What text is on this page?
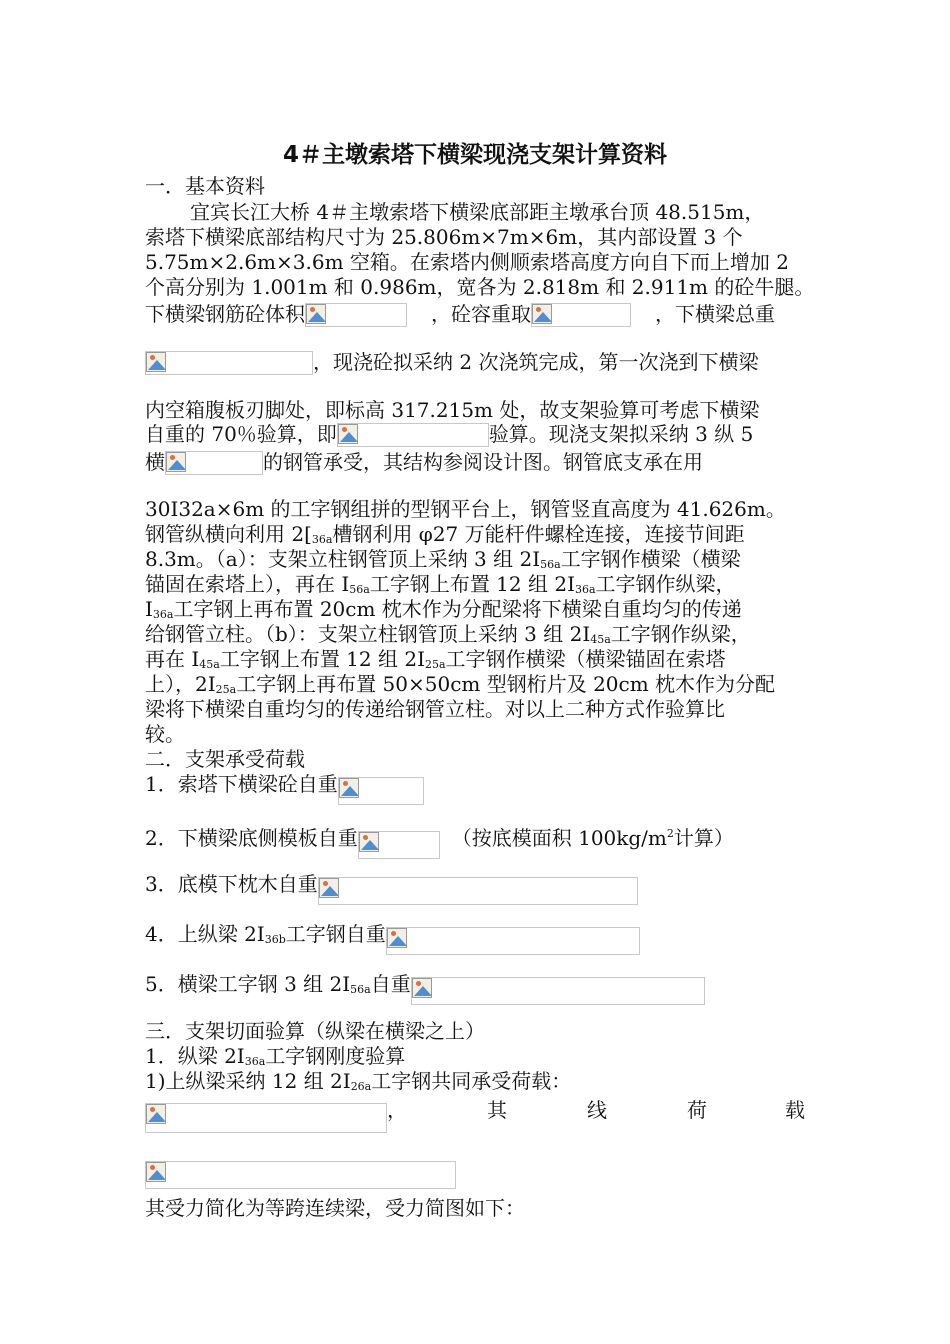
4＃主墩索塔下横梁现浇支架计算资料
一．基本资料
宜宾长江大桥 4＃主墩索塔下横梁底部距主墩承台顶 48.515m，
索塔下横梁底部结构尺寸为 25.806m×7m×6m，其内部设置 3 个
5.75m×2.6m×3.6m 空箱。在索塔内侧顺索塔高度方向自下而上增加 2
个高分别为 1.001m 和 0.986m，宽各为 2.818m 和 2.911m 的砼牛腿。
下横梁钢筋砼体积	，砼容重取	，下横梁总重
，现浇砼拟采纳 2 次浇筑完成，第一次浇到下横梁
内空箱腹板刃脚处，即标高 317.215m 处，故支架验算可考虑下横梁
自重的 70％验算，即	验算。现浇支架拟采纳 3 纵 5
横	的钢管承受，其结构参阅设计图。钢管底支承在用
30I32a×6m 的工字钢组拼的型钢平台上，钢管竖直高度为 41.626m。
钢管纵横向利用 2[36a槽钢利用 φ27 万能杆件螺栓连接，连接节间距
8.3m。（a）：支架立柱钢管顶上采纳 3 组 2I56a工字钢作横梁（横梁
锚固在索塔上），再在 I56a工字钢上布置 12 组 2I36a工字钢作纵梁，
I36a工字钢上再布置 20cm 枕木作为分配梁将下横梁自重均匀的传递
给钢管立柱。（b）：支架立柱钢管顶上采纳 3 组 2I45a工字钢作纵梁，
再在 I45a工字钢上布置 12 组 2I25a工字钢作横梁（横梁锚固在索塔
上），2I25a工字钢上再布置 50×50cm 型钢桁片及 20cm 枕木作为分配
梁将下横梁自重均匀的传递给钢管立柱。对以上二种方式作验算比
较。
二．支架承受荷载
1．索塔下横梁砼自重
2．下横梁底侧模板自重	（按底模面积 $100kg/m^2$计算）
3．底模下枕木自重
4．上纵梁 2I36b工字钢自重
5．横梁工字钢 3 组 2I56a自重
三．支架切面验算（纵梁在横梁之上）
1．纵梁 2I36a工字钢刚度验算
1)上纵梁采纳 12 组 2I26a工字钢共同承受荷载：
，	其	线	荷	载
其受力简化为等跨连续梁，受力简图如下：
